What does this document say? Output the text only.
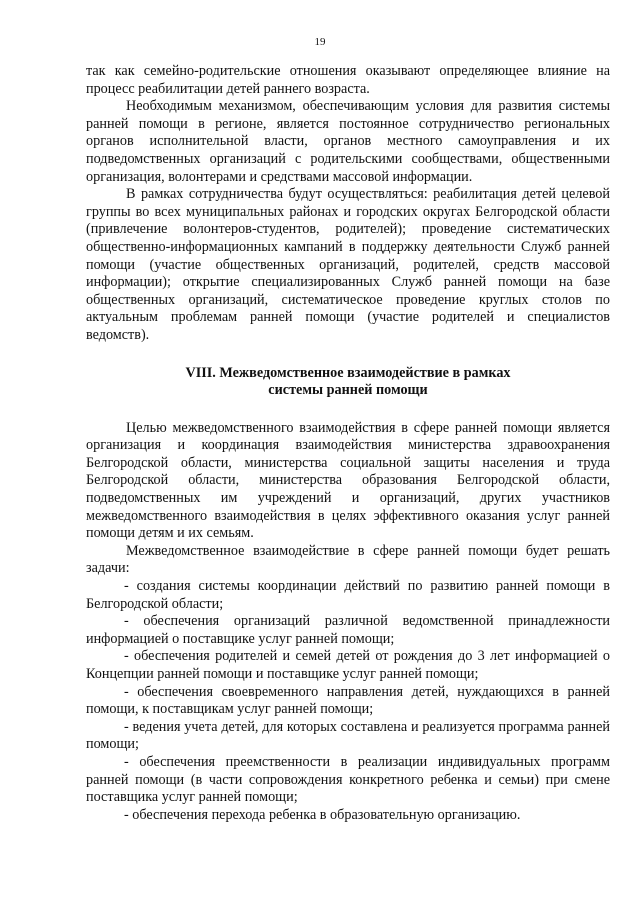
19

так как семейно-родительские отношения оказывают определяющее влияние на процесс реабилитации детей раннего возраста.

Необходимым механизмом, обеспечивающим условия для развития системы ранней помощи в регионе, является постоянное сотрудничество региональных органов исполнительной власти, органов местного самоуправления и их подведомственных организаций с родительскими сообществами, общественными организация, волонтерами и средствами массовой информации.

В рамках сотрудничества будут осуществляться: реабилитация детей целевой группы во всех муниципальных районах и городских округах Белгородской области (привлечение волонтеров-студентов, родителей); проведение систематических общественно-информационных кампаний в поддержку деятельности Служб ранней помощи (участие общественных организаций, родителей, средств массовой информации); открытие специализированных Служб ранней помощи на базе общественных организаций, систематическое проведение круглых столов по актуальным проблемам ранней помощи (участие родителей и специалистов ведомств).

VIII. Межведомственное взаимодействие в рамках
системы ранней помощи

Целью межведомственного взаимодействия в сфере ранней помощи является организация и координация взаимодействия министерства здравоохранения Белгородской области, министерства социальной защиты населения и труда Белгородской области, министерства образования Белгородской области, подведомственных им учреждений и организаций, других участников межведомственного взаимодействия в целях эффективного оказания услуг ранней помощи детям и их семьям.

Межведомственное взаимодействие в сфере ранней помощи будет решать задачи:

- создания системы координации действий по развитию ранней помощи в Белгородской области;

- обеспечения организаций различной ведомственной принадлежности информацией о поставщике услуг ранней помощи;

- обеспечения родителей и семей детей от рождения до 3 лет информацией о Концепции ранней помощи и поставщике услуг ранней помощи;

- обеспечения своевременного направления детей, нуждающихся в ранней помощи, к поставщикам услуг ранней помощи;

- ведения учета детей, для которых составлена и реализуется программа ранней помощи;

- обеспечения преемственности в реализации индивидуальных программ ранней помощи (в части сопровождения конкретного ребенка и семьи) при смене поставщика услуг ранней помощи;

- обеспечения перехода ребенка в образовательную организацию.
